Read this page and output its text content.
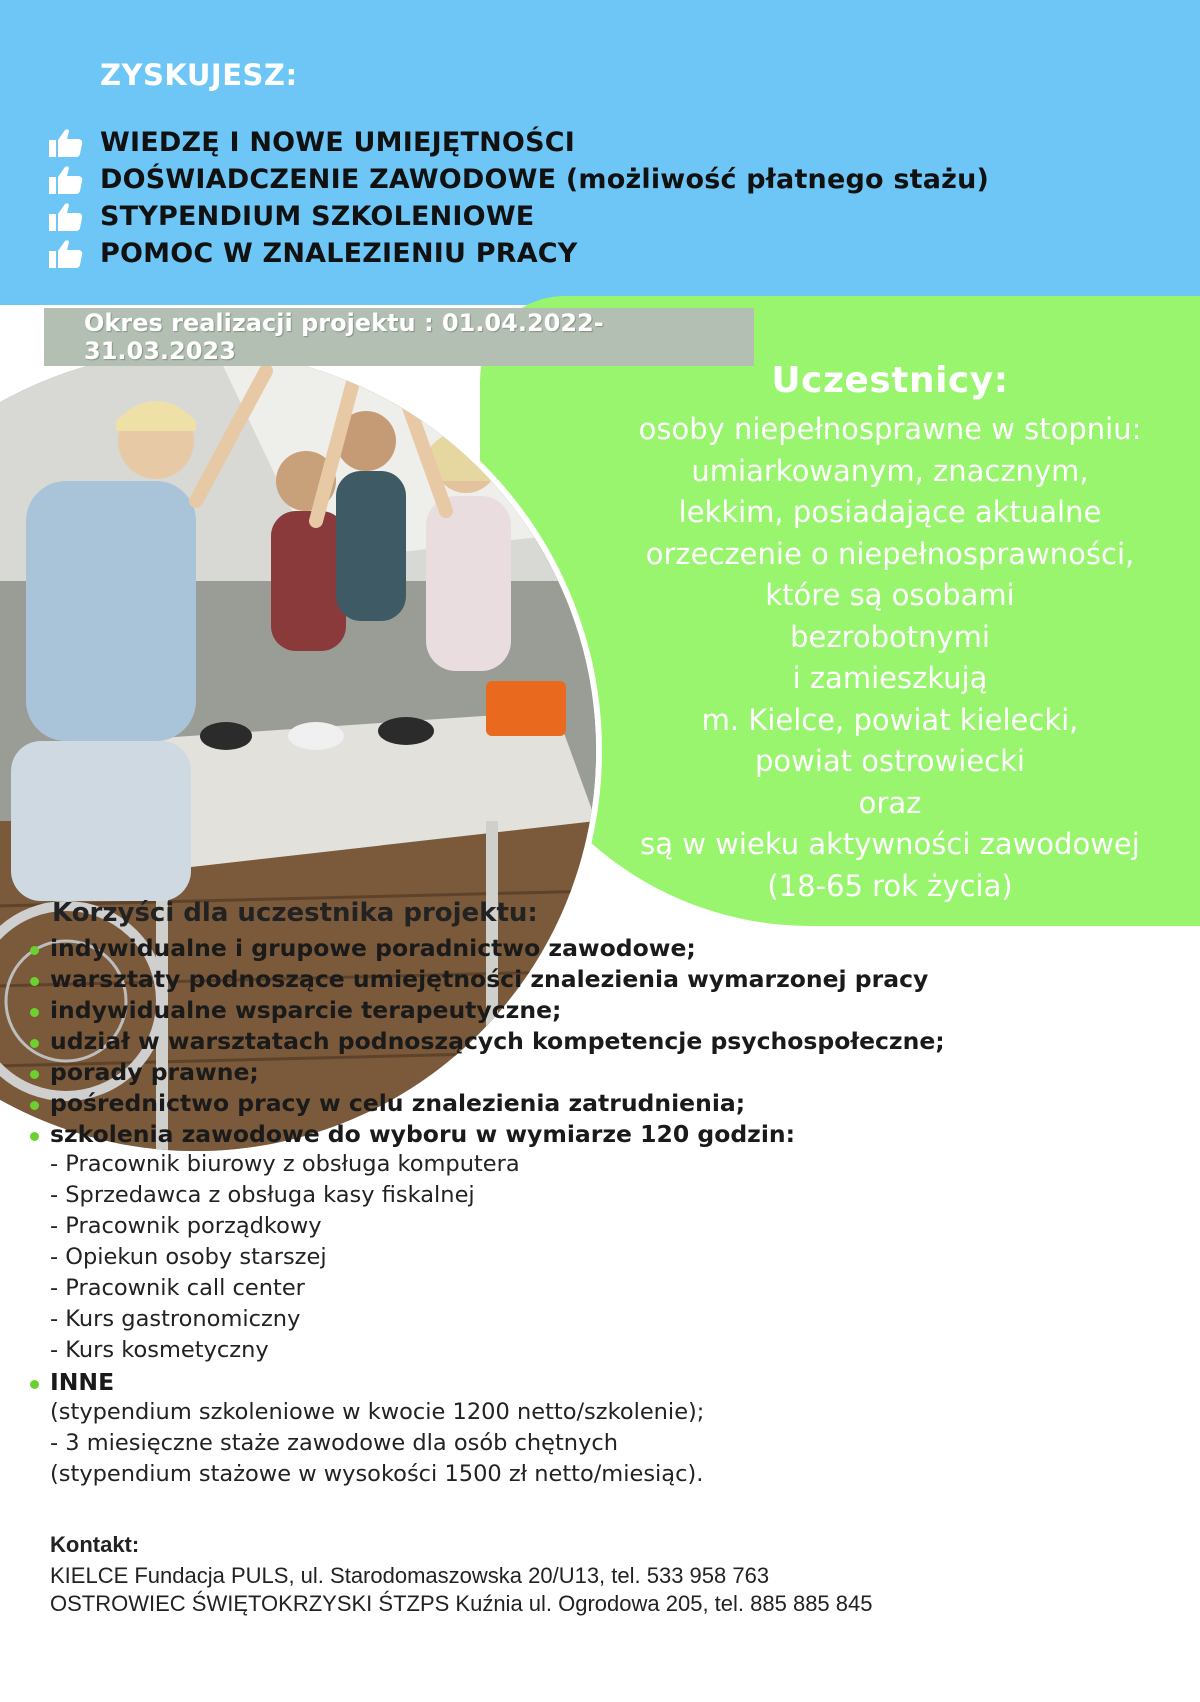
ZYSKUJESZ:
WIEDZĘ I NOWE UMIEJĘTNOŚCI
DOŚWIADCZENIE ZAWODOWE (możliwość płatnego stażu)
STYPENDIUM SZKOLENIOWE
POMOC W ZNALEZIENIU PRACY
Okres realizacji projektu : 01.04.2022-31.03.2023
Uczestnicy:
osoby niepełnosprawne w stopniu:
umiarkowanym, znacznym,
lekkim, posiadające aktualne
orzeczenie o niepełnosprawności,
które są osobami
bezrobotnymi
i zamieszkują
m. Kielce, powiat kielecki,
powiat ostrowiecki
oraz
są w wieku aktywności zawodowej
(18-65 rok życia)
Korzyści dla uczestnika projektu:
indywidualne i grupowe poradnictwo zawodowe;
warsztaty podnoszące umiejętności znalezienia wymarzonej pracy
indywidualne wsparcie terapeutyczne;
udział w warsztatach podnoszących kompetencje psychospołeczne;
porady prawne;
pośrednictwo pracy w celu znalezienia zatrudnienia;
szkolenia zawodowe do wyboru w wymiarze 120 godzin:
- Pracownik biurowy z obsługa komputera
- Sprzedawca z obsługa kasy fiskalnej
- Pracownik porządkowy
- Opiekun osoby starszej
- Pracownik call center
- Kurs gastronomiczny
- Kurs kosmetyczny
INNE
(stypendium szkoleniowe w kwocie 1200 netto/szkolenie);
- 3 miesięczne staże zawodowe dla osób chętnych
(stypendium stażowe w wysokości 1500 zł netto/miesiąc).
Kontakt:
KIELCE Fundacja PULS, ul. Starodomaszowska 20/U13, tel. 533 958 763
OSTROWIEC ŚWIĘTOKRZYSKI ŚTZPS Kuźnia ul. Ogrodowa 205, tel. 885 885 845
